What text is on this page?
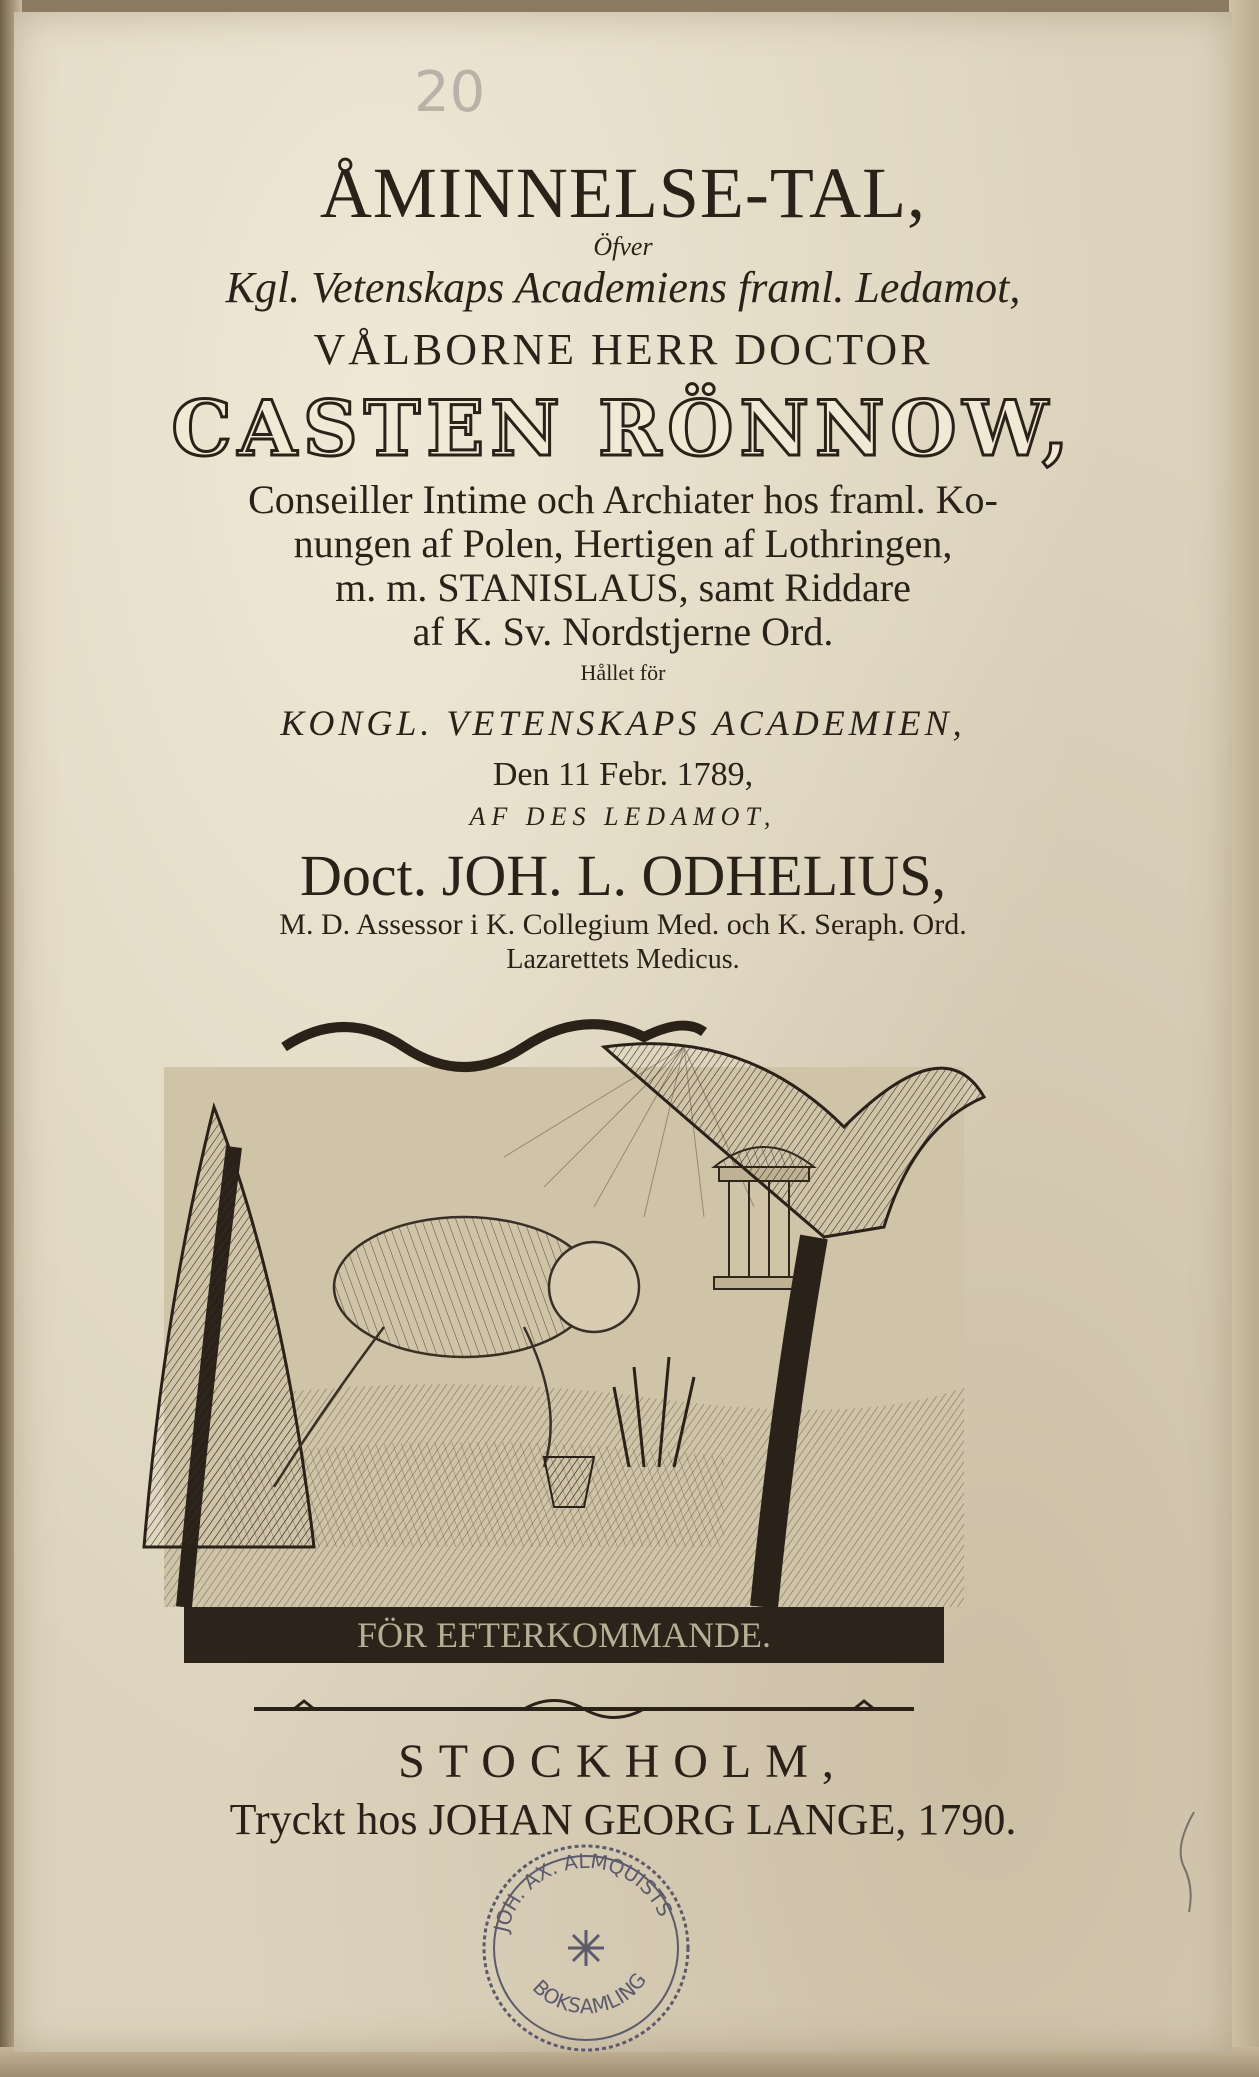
20
ÅMINNELSE-TAL,
Öfver
Kgl. Vetenskaps Academiens framl. Ledamot,
VÅLBORNE HERR DOCTOR
CASTEN RÖNNOW,
Conseiller Intime och Archiater hos framl. Ko-
nungen af Polen, Hertigen af Lothringen,
m. m. STANISLAUS, samt Riddare
af K. Sv. Nordstjerne Ord.
Hållet för
KONGL. VETENSKAPS ACADEMIEN,
Den 11 Febr. 1789,
AF DES LEDAMOT,
Doct. JOH. L. ODHELIUS,
M. D. Assessor i K. Collegium Med. och K. Seraph. Ord.
Lazarettets Medicus.
FÖR EFTERKOMMANDE.
STOCKHOLM,
Tryckt hos JOHAN GEORG LANGE, 1790.
JOH. AX. ALMQUISTS
BOKSAMLING
